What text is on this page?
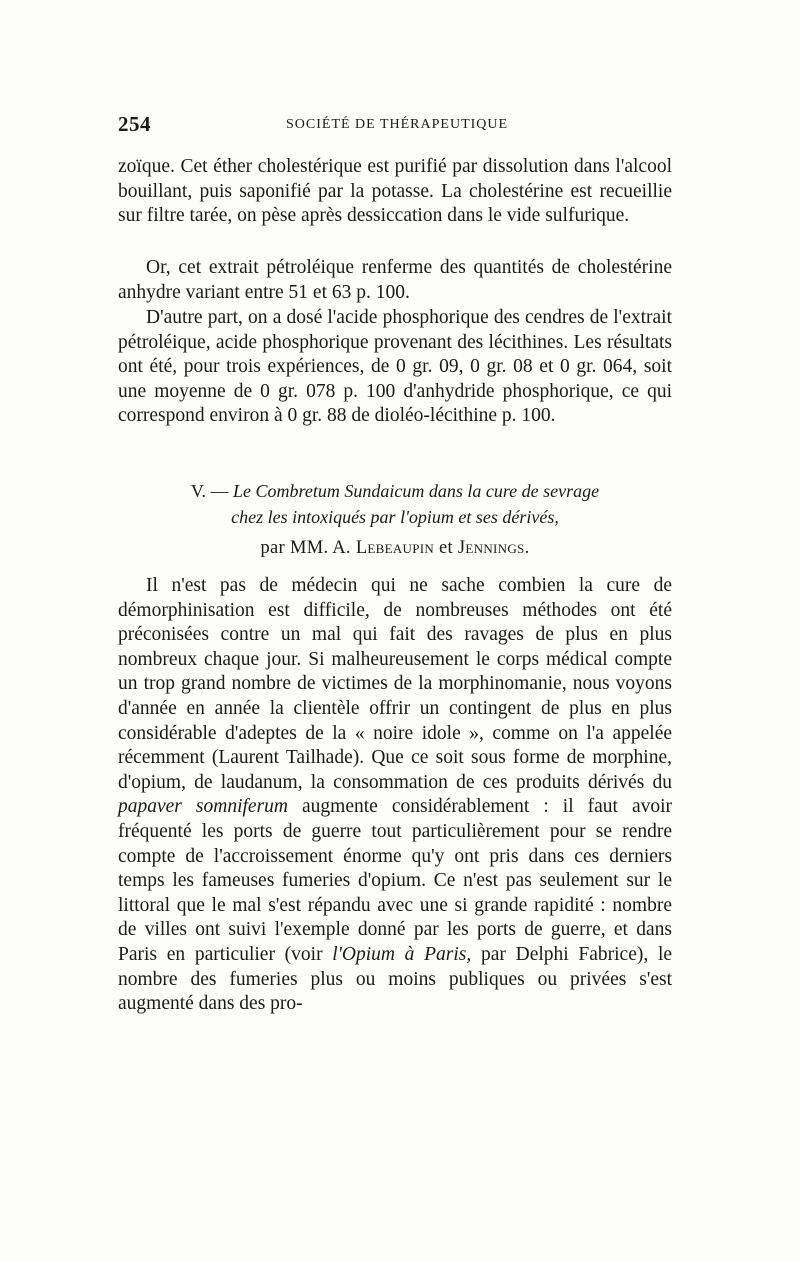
254	SOCIÉTÉ DE THÉRAPEUTIQUE

zoïque. Cet éther cholestérique est purifié par dissolution dans l'alcool bouillant, puis saponifié par la potasse. La cholestérine est recueillie sur filtre tarée, on pèse après dessiccation dans le vide sulfurique.

Or, cet extrait pétroléique renferme des quantités de cholestérine anhydre variant entre 51 et 63 p. 100.

D'autre part, on a dosé l'acide phosphorique des cendres de l'extrait pétroléique, acide phosphorique provenant des lécithines. Les résultats ont été, pour trois expériences, de 0 gr. 09, 0 gr. 08 et 0 gr. 064, soit une moyenne de 0 gr. 078 p. 100 d'anhydride phosphorique, ce qui correspond environ à 0 gr. 88 de dioléo-lécithine p. 100.

V. — Le Combretum Sundaicum dans la cure de sevrage
chez les intoxiqués par l'opium et ses dérivés,
par MM. A. Lebeaupin et Jennings.

Il n'est pas de médecin qui ne sache combien la cure de démorphinisation est difficile, de nombreuses méthodes ont été préconisées contre un mal qui fait des ravages de plus en plus nombreux chaque jour. Si malheureusement le corps médical compte un trop grand nombre de victimes de la morphinomanie, nous voyons d'année en année la clientèle offrir un contingent de plus en plus considérable d'adeptes de la « noire idole », comme on l'a appelée récemment (Laurent Tailhade). Que ce soit sous forme de morphine, d'opium, de laudanum, la consommation de ces produits dérivés du papaver somniferum augmente considérablement : il faut avoir fréquenté les ports de guerre tout particulièrement pour se rendre compte de l'accroissement énorme qu'y ont pris dans ces derniers temps les fameuses fumeries d'opium. Ce n'est pas seulement sur le littoral que le mal s'est répandu avec une si grande rapidité : nombre de villes ont suivi l'exemple donné par les ports de guerre, et dans Paris en particulier (voir l'Opium à Paris, par Delphi Fabrice), le nombre des fumeries plus ou moins publiques ou privées s'est augmenté dans des pro-
